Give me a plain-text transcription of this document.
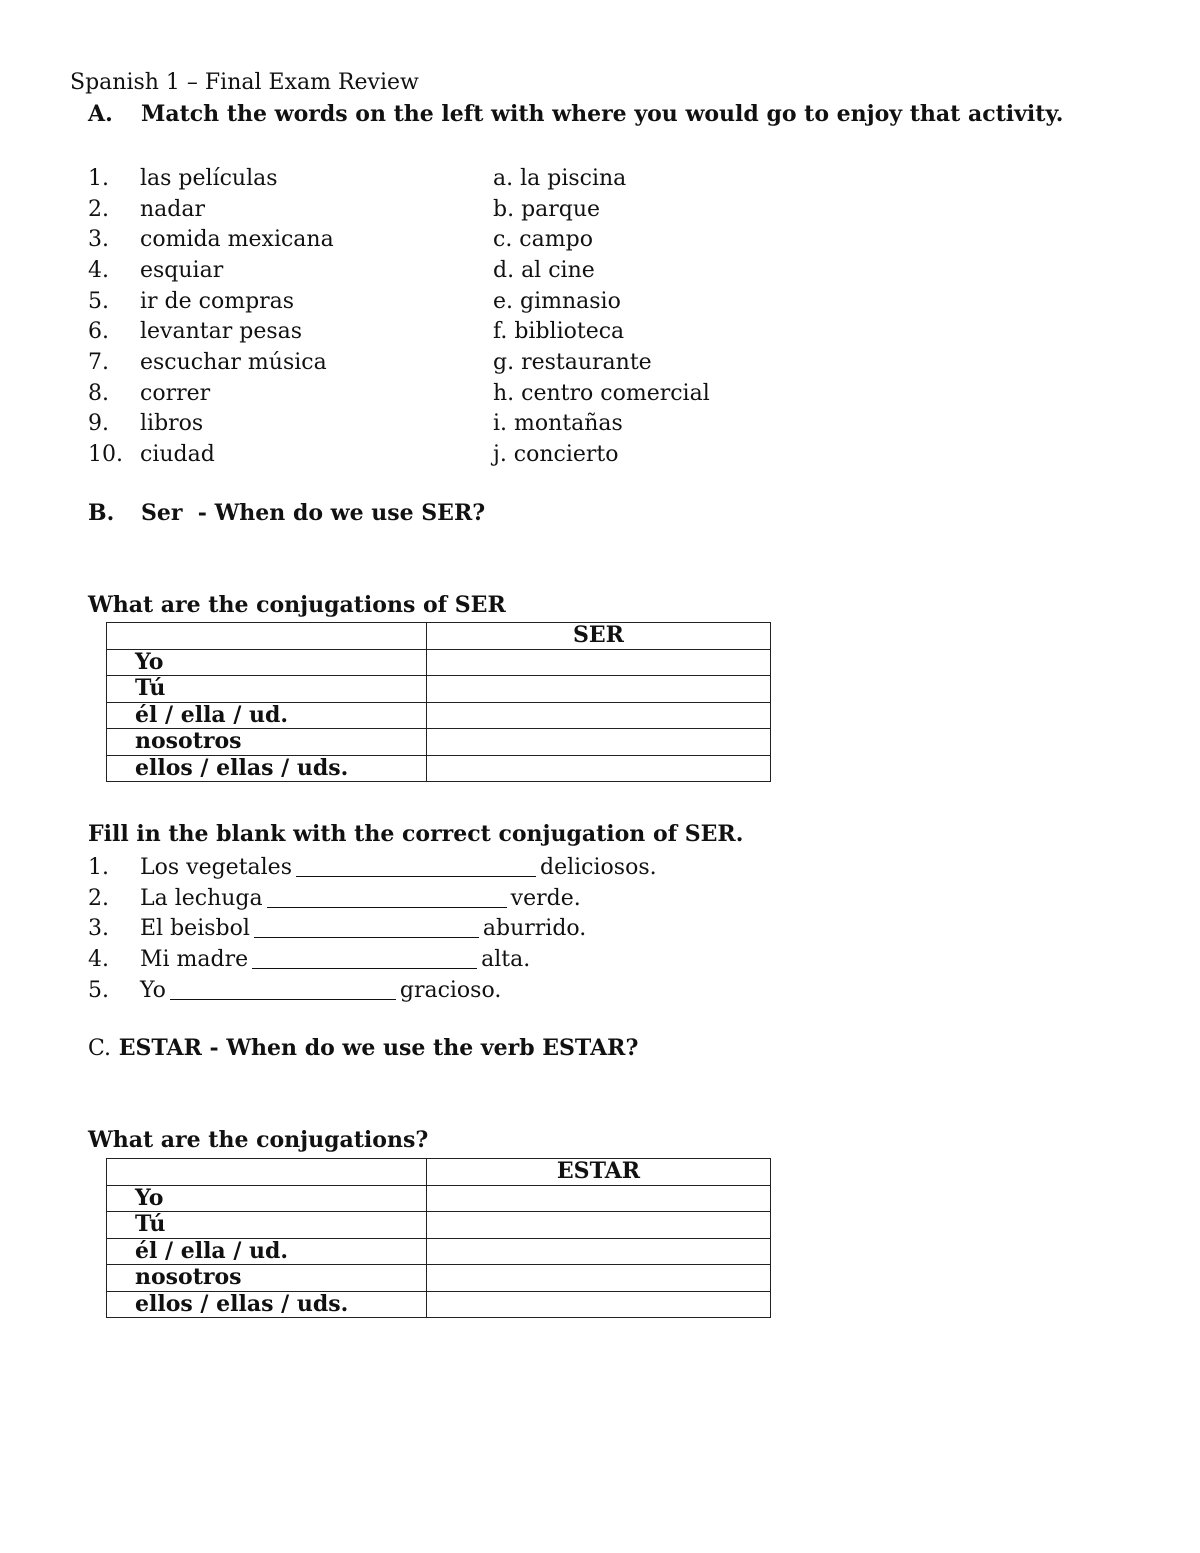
Spanish 1 – Final Exam Review
A. Match the words on the left with where you would go to enjoy that activity.
1.	las películas	a. la piscina
2.	nadar	b. parque
3.	comida mexicana	c. campo
4.	esquiar	d. al cine
5.	ir de compras	e. gimnasio
6.	levantar pesas	f. biblioteca
7.	escuchar música	g. restaurante
8.	correr	h. centro comercial
9.	libros	i. montañas
10. ciudad	j. concierto
B. Ser  - When do we use SER?
What are the conjugations of SER
	SER
Yo	
Tú	
él / ella / ud.	
nosotros	
ellos / ellas / uds.	
Fill in the blank with the correct conjugation of SER.
1.	Los vegetales	deliciosos.
2.	La lechuga	verde.
3.	El beisbol	aburrido.
4.	Mi madre	alta.
5.	Yo	gracioso.
C. ESTAR - When do we use the verb ESTAR?
What are the conjugations?
	ESTAR
Yo	
Tú	
él / ella / ud.	
nosotros	
ellos / ellas / uds.	
